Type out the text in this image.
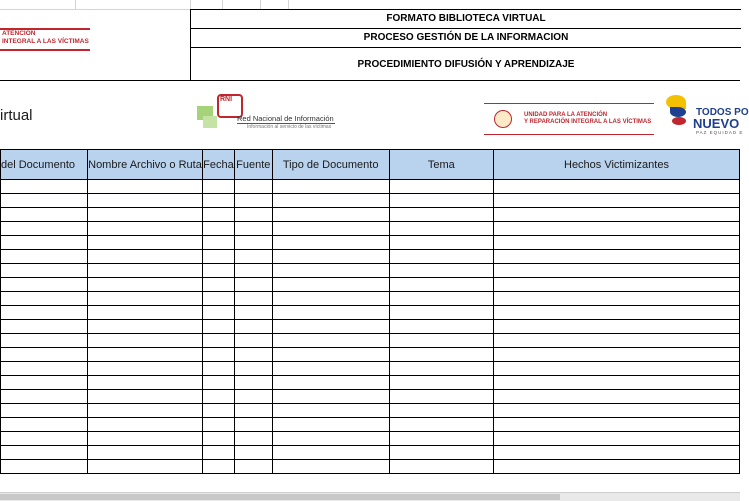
ATENCIÓN
INTEGRAL A LAS VÍCTIMAS
FORMATO BIBLIOTECA VIRTUAL
PROCESO GESTIÓN DE LA INFORMACION
PROCEDIMIENTO DIFUSIÓN Y APRENDIZAJE
irtual
RNI
Red Nacional de Información
Información al servicio de las víctimas
UNIDAD PARA LA ATENCIÓN
Y REPARACIÓN INTEGRAL A LAS VÍCTIMAS
TODOS PO
NUEVO
PAZ EQUIDAD E
del Documento	Nombre Archivo o Ruta	Fecha	Fuente	Tipo de Documento	Tema	Hechos Victimizantes
